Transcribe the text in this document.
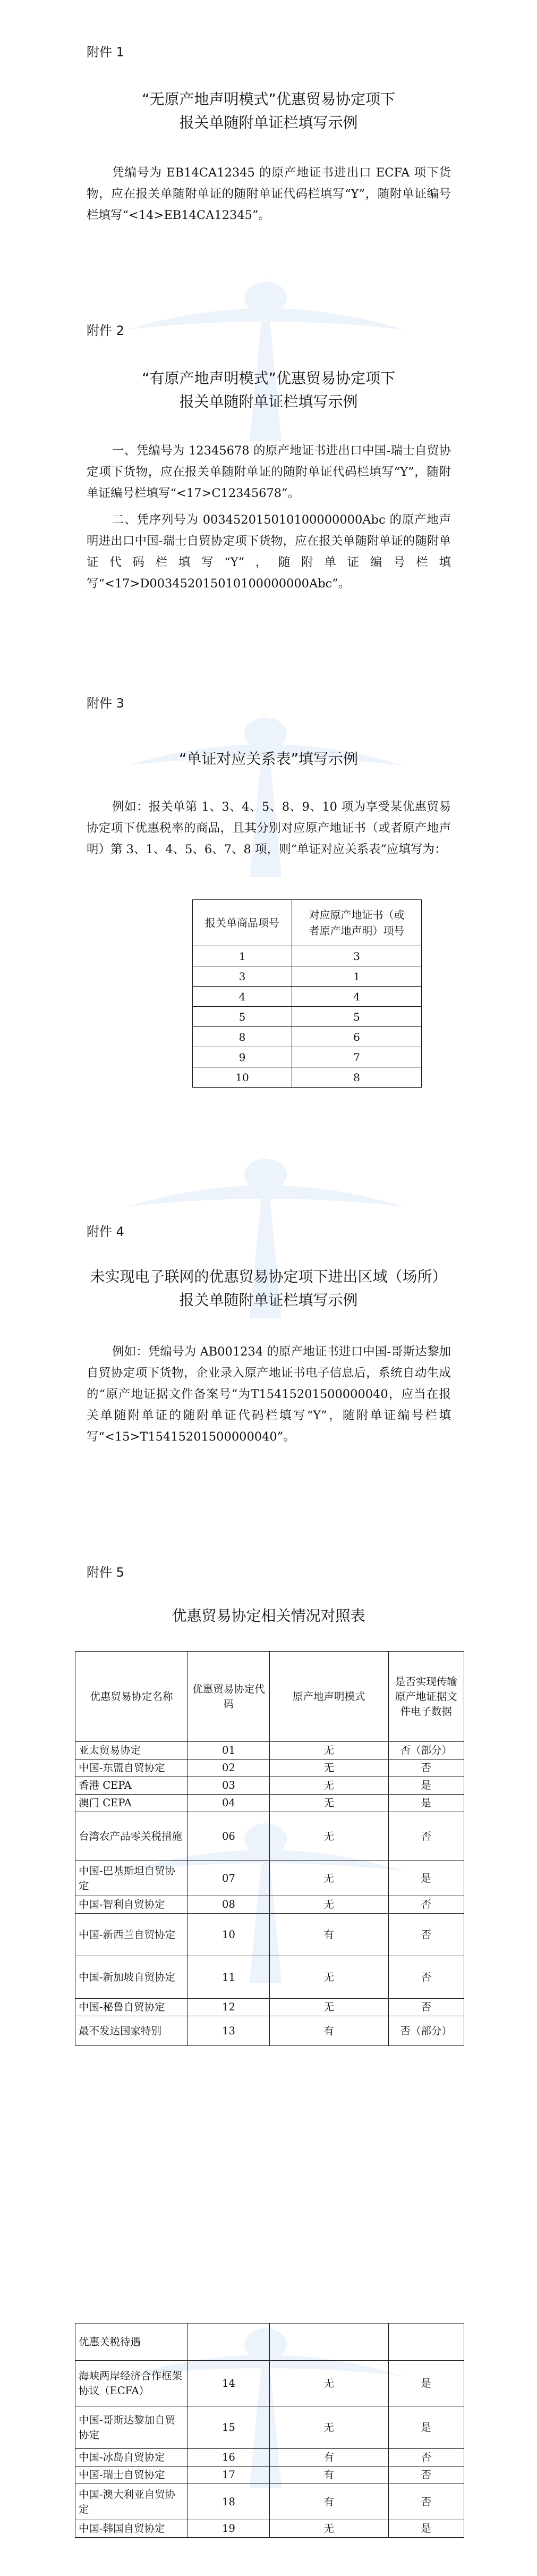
附件 1
“无原产地声明模式”优惠贸易协定项下
报关单随附单证栏填写示例

凭编号为 EB14CA12345 的原产地证书进出口 ECFA 项下货物，应在报关单随附单证的随附单证代码栏填写“Y”，随附单证编号栏填写“<14>EB14CA12345”。

附件 2
“有原产地声明模式”优惠贸易协定项下
报关单随附单证栏填写示例

一、凭编号为 12345678 的原产地证书进出口中国-瑞士自贸协定项下货物，应在报关单随附单证的随附单证代码栏填写“Y”，随附单证编号栏填写“<17>C12345678”。

二、凭序列号为 003452015010100000000Abc 的原产地声明进出口中国-瑞士自贸协定项下货物，应在报关单随附单证的随附单证代码栏填写“Y”，随附单证编号栏填写“<17>D003452015010100000000Abc”。

附件 3
“单证对应关系表”填写示例

例如：报关单第 1、3、4、5、8、9、10 项为享受某优惠贸易协定项下优惠税率的商品，且其分别对应原产地证书（或者原产地声明）第 3、1、4、5、6、7、8 项，则“单证对应关系表”应填写为：

报关单商品项号	对应原产地证书（或
者原产地声明）项号

1	3
3	1
4	4
5	5
8	6
9	7
10	8
附件 4
未实现电子联网的优惠贸易协定项下进出区域（场所）
报关单随附单证栏填写示例

例如：凭编号为 AB001234 的原产地证书进口中国-哥斯达黎加自贸协定项下货物，企业录入原产地证书电子信息后，系统自动生成的“原产地证据文件备案号”为T15415201500000040，应当在报关单随附单证的随附单证代码栏填写“Y”，随附单证编号栏填写“<15>T15415201500000040”。

附件 5
优惠贸易协定相关情况对照表
优惠贸易协定名称	优惠贸易协定代码	原产地声明模式	是否实现传输原产地证据文件电子数据
亚太贸易协定	01	无	否（部分）
中国-东盟自贸协定	02	无	否
香港 CEPA	03	无	是
澳门 CEPA	04	无	是
台湾农产品零关税措施	06	无	否
中国-巴基斯坦自贸协定	07	无	是
中国-智利自贸协定	08	无	否
中国-新西兰自贸协定	10	有	否
中国-新加坡自贸协定	11	无	否
中国-秘鲁自贸协定	12	无	否
最不发达国家特别	13	有	否（部分）
优惠关税待遇			
海峡两岸经济合作框架协议（ECFA）	14	无	是
中国-哥斯达黎加自贸协定	15	无	是
中国-冰岛自贸协定	16	有	否
中国-瑞士自贸协定	17	有	否
中国-澳大利亚自贸协定	18	有	否
中国-韩国自贸协定	19	无	是
